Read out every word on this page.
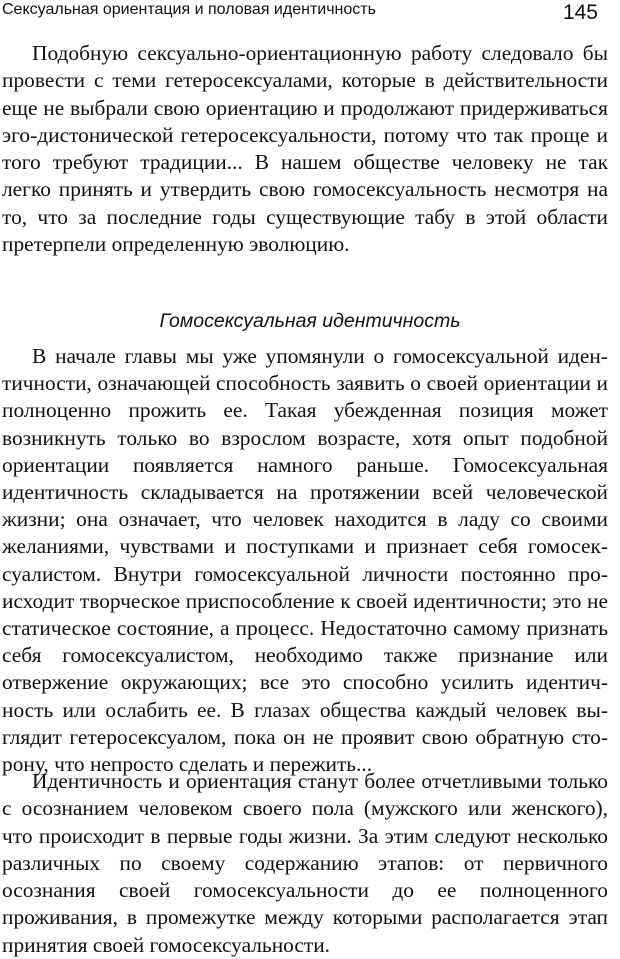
Сексуальная ориентация и половая идентичность	145

Подобную сексуально-ориентационную работу следовало бы провести с теми гетеросексуалами, которые в действительности еще не выбрали свою ориентацию и продолжают придерживаться эго-дистонической гетеросексуальности, потому что так проще и того требуют традиции... В нашем обществе человеку не так легко принять и утвердить свою гомосексуальность несмотря на то, что за последние годы существующие табу в этой области претерпели определенную эволюцию.

Гомосексуальная идентичность

В начале главы мы уже упомянули о гомосексуальной идентичности, означающей способность заявить о своей ориентации и полноценно прожить ее. Такая убежденная позиция может возникнуть только во взрослом возрасте, хотя опыт подобной ориентации появляется намного раньше. Гомосексуальная идентичность складывается на протяжении всей человеческой жизни; она означает, что человек находится в ладу со своими желаниями, чувствами и поступками и признает себя гомосексуалистом. Внутри гомосексуальной личности постоянно происходит творческое приспособление к своей идентичности; это не статическое состояние, а процесс. Недостаточно самому признать себя гомосексуалистом, необходимо также признание или отвержение окружающих; все это способно усилить идентичность или ослабить ее. В глазах общества каждый человек выглядит гетеросексуалом, пока он не проявит свою обратную сторону, что непросто сделать и пережить...

Идентичность и ориентация станут более отчетливыми только с осознанием человеком своего пола (мужского или женского), что происходит в первые годы жизни. За этим следуют несколько различных по своему содержанию этапов: от первичного осознания своей гомосексуальности до ее полноценного проживания, в промежутке между которыми располагается этап принятия своей гомосексуальности.
